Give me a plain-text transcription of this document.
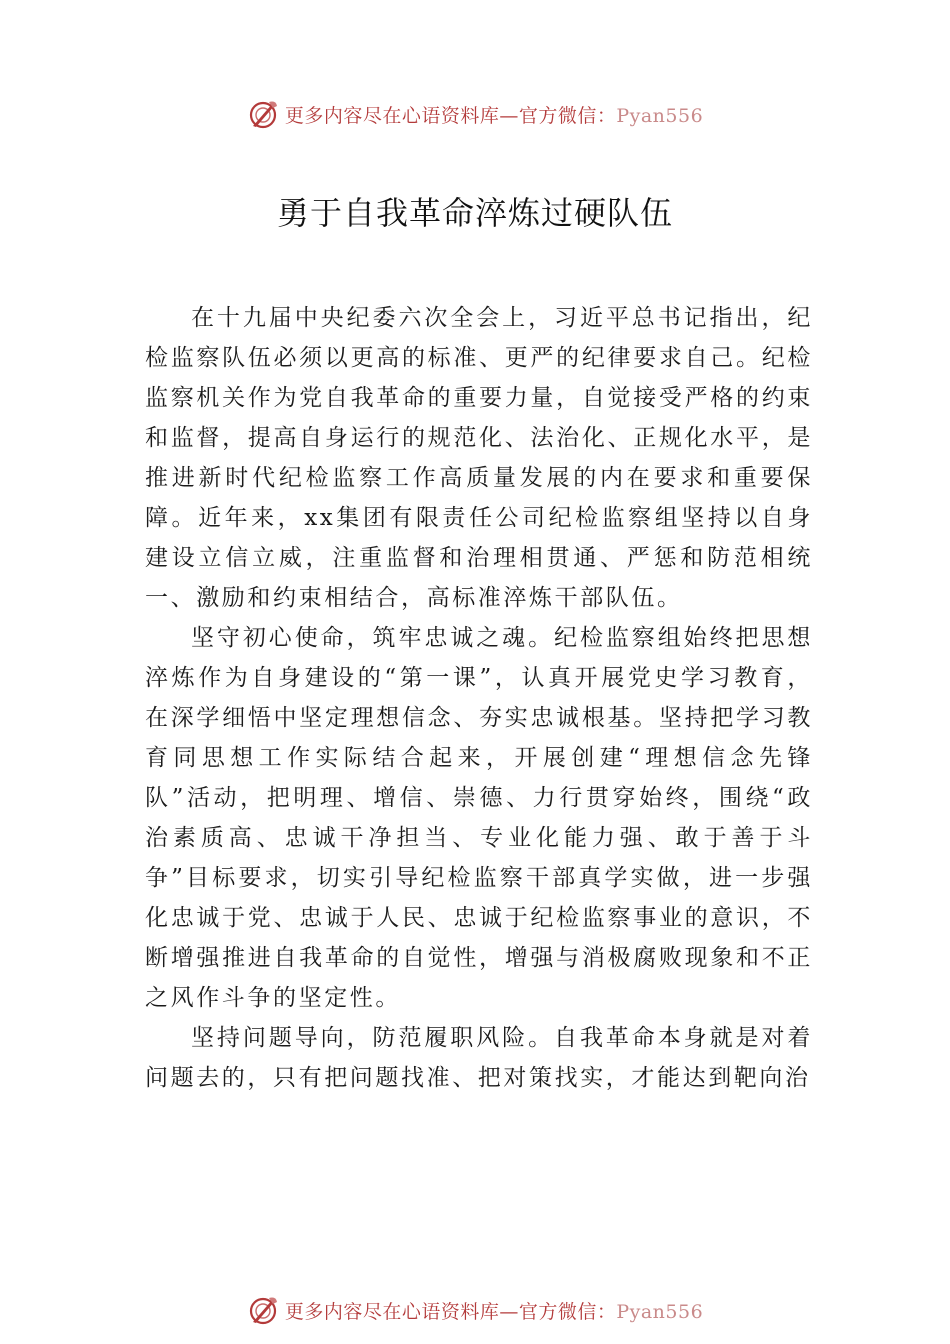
更多内容尽在心语资料库—官方微信：Pyan556
勇于自我革命淬炼过硬队伍

在十九届中央纪委六次全会上，习近平总书记指出，纪检监察队伍必须以更高的标准、更严的纪律要求自己。纪检监察机关作为党自我革命的重要力量，自觉接受严格的约束和监督，提高自身运行的规范化、法治化、正规化水平，是推进新时代纪检监察工作高质量发展的内在要求和重要保障。近年来，xx集团有限责任公司纪检监察组坚持以自身建设立信立威，注重监督和治理相贯通、严惩和防范相统一、激励和约束相结合，高标准淬炼干部队伍。

坚守初心使命，筑牢忠诚之魂。纪检监察组始终把思想淬炼作为自身建设的“第一课”，认真开展党史学习教育，在深学细悟中坚定理想信念、夯实忠诚根基。坚持把学习教育同思想工作实际结合起来，开展创建“理想信念先锋队”活动，把明理、增信、崇德、力行贯穿始终，围绕“政治素质高、忠诚干净担当、专业化能力强、敢于善于斗争”目标要求，切实引导纪检监察干部真学实做，进一步强化忠诚于党、忠诚于人民、忠诚于纪检监察事业的意识，不断增强推进自我革命的自觉性，增强与消极腐败现象和不正之风作斗争的坚定性。

坚持问题导向，防范履职风险。自我革命本身就是对着问题去的，只有把问题找准、把对策找实，才能达到靶向治

更多内容尽在心语资料库—官方微信：Pyan556
